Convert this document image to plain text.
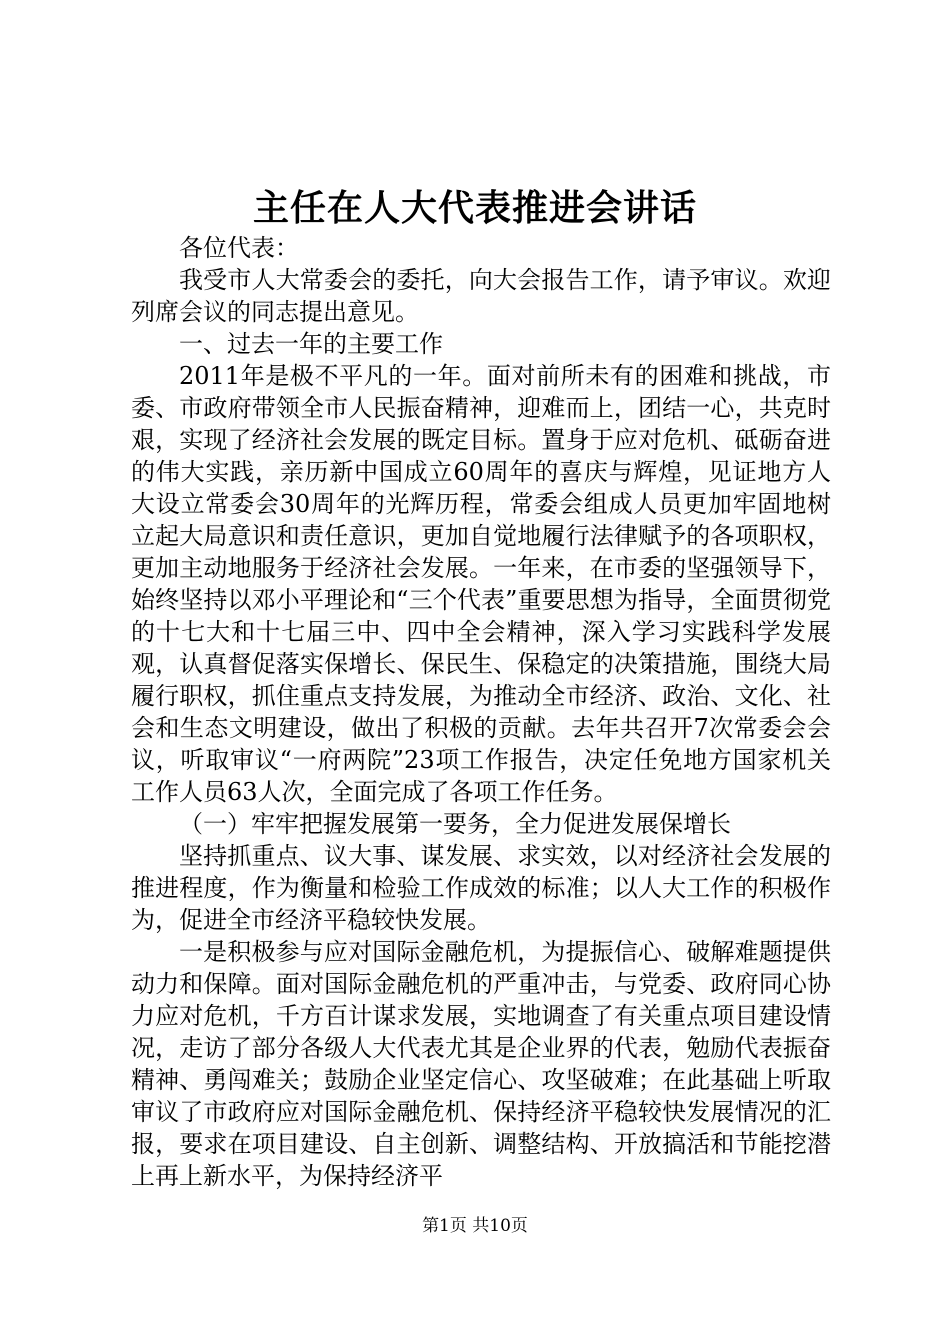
主任在人大代表推进会讲话

各位代表：

我受市人大常委会的委托，向大会报告工作，请予审议。欢迎列席会议的同志提出意见。

一、过去一年的主要工作

2011年是极不平凡的一年。面对前所未有的困难和挑战，市委、市政府带领全市人民振奋精神，迎难而上，团结一心，共克时艰，实现了经济社会发展的既定目标。置身于应对危机、砥砺奋进的伟大实践，亲历新中国成立60周年的喜庆与辉煌，见证地方人大设立常委会30周年的光辉历程，常委会组成人员更加牢固地树立起大局意识和责任意识，更加自觉地履行法律赋予的各项职权，更加主动地服务于经济社会发展。一年来，在市委的坚强领导下，始终坚持以邓小平理论和“三个代表”重要思想为指导，全面贯彻党的十七大和十七届三中、四中全会精神，深入学习实践科学发展观，认真督促落实保增长、保民生、保稳定的决策措施，围绕大局履行职权，抓住重点支持发展，为推动全市经济、政治、文化、社会和生态文明建设，做出了积极的贡献。去年共召开7次常委会会议，听取审议“一府两院”23项工作报告，决定任免地方国家机关工作人员63人次，全面完成了各项工作任务。

（一）牢牢把握发展第一要务，全力促进发展保增长

坚持抓重点、议大事、谋发展、求实效，以对经济社会发展的推进程度，作为衡量和检验工作成效的标准；以人大工作的积极作为，促进全市经济平稳较快发展。

一是积极参与应对国际金融危机，为提振信心、破解难题提供动力和保障。面对国际金融危机的严重冲击，与党委、政府同心协力应对危机，千方百计谋求发展，实地调查了有关重点项目建设情况，走访了部分各级人大代表尤其是企业界的代表，勉励代表振奋精神、勇闯难关；鼓励企业坚定信心、攻坚破难；在此基础上听取审议了市政府应对国际金融危机、保持经济平稳较快发展情况的汇报，要求在项目建设、自主创新、调整结构、开放搞活和节能挖潜上再上新水平，为保持经济平

第1页 共10页
